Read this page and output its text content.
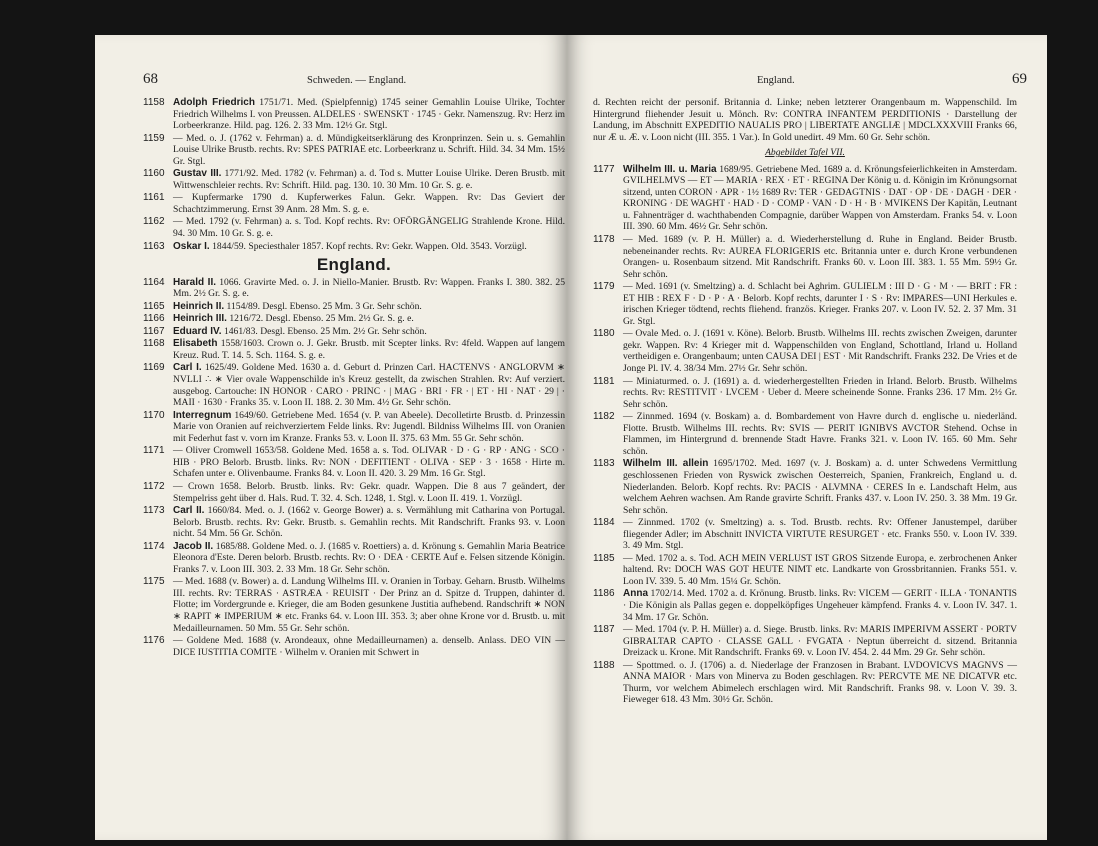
68	Schweden. — England.
1158 Adolph Friedrich 1751/71. Med. (Spielpfennig) 1745 seiner Gemahlin Louise Ulrike, Tochter Friedrich Wilhelms I. von Preussen. ALDELES · SWENSKT · 1745 · Gekr. Namenszug. Rv: Herz im Lorbeerkranze. Hild. pag. 126. 2. 33 Mm. 12½ Gr. Stgl.
1159 — Med. o. J. (1762 v. Fehrman) a. d. Mündigkeitserklärung des Kronprinzen. Sein u. s. Gemahlin Louise Ulrike Brustb. rechts. Rv: SPES PATRIAE etc. Lorbeerkranz u. Schrift. Hild. 34. 34 Mm. 15½ Gr. Stgl.
1160 Gustav III. 1771/92. Med. 1782 (v. Fehrman) a. d. Tod s. Mutter Louise Ulrike. Deren Brustb. mit Wittwenschleier rechts. Rv: Schrift. Hild. pag. 130. 10. 30 Mm. 10 Gr. S. g. e.
1161 — Kupfermarke 1790 d. Kupferwerkes Falun. Gekr. Wappen. Rv: Das Geviert der Schachtzimmerung. Ernst 39 Anm. 28 Mm. S. g. e.
1162 — Med. 1792 (v. Fehrman) a. s. Tod. Kopf rechts. Rv: OFÖRGÄNGELIG Strahlende Krone. Hild. 94. 30 Mm. 10 Gr. S. g. e.
1163 Oskar I. 1844/59. Speciesthaler 1857. Kopf rechts. Rv: Gekr. Wappen. Old. 3543. Vorzügl.
England.
1164 Harald II. 1066. Gravirte Med. o. J. in Niello-Manier. Brustb. Rv: Wappen. Franks I. 380. 382. 25 Mm. 2½ Gr. S. g. e.
1165 Heinrich II. 1154/89. Desgl. Ebenso. 25 Mm. 3 Gr. Sehr schön.
1166 Heinrich III. 1216/72. Desgl. Ebenso. 25 Mm. 2½ Gr. S. g. e.
1167 Eduard IV. 1461/83. Desgl. Ebenso. 25 Mm. 2½ Gr. Sehr schön.
1168 Elisabeth 1558/1603. Crown o. J. Gekr. Brustb. mit Scepter links. Rv: 4feld. Wappen auf langem Kreuz. Rud. T. 14. 5. Sch. 1164. S. g. e.
1169 Carl I. 1625/49. Goldene Med. 1630 a. d. Geburt d. Prinzen Carl. HACTENVS · ANGLORVM ∗ NVLLI ∴ ∗ Vier ovale Wappenschilde in's Kreuz gestellt, da zwischen Strahlen. Rv: Auf verziert. ausgebog. Cartouche: IN HONOR · CARO · PRINC · | MAG · BRI · FR · | ET · HI · NAT · 29 | · MAII · 1630 · Franks 35. v. Loon II. 188. 2. 30 Mm. 4½ Gr. Sehr schön.
1170 Interregnum 1649/60. Getriebene Med. 1654 (v. P. van Abeele). Decolletirte Brustb. d. Prinzessin Marie von Oranien auf reichverziertem Felde links. Rv: Jugendl. Bildniss Wilhelms III. von Oranien mit Federhut fast v. vorn im Kranze. Franks 53. v. Loon II. 375. 63 Mm. 55 Gr. Sehr schön.
1171 — Oliver Cromwell 1653/58. Goldene Med. 1658 a. s. Tod. OLIVAR · D · G · RP · ANG · SCO · HIB · PRO Belorb. Brustb. links. Rv: NON · DEFITIENT · OLIVA · SEP · 3 · 1658 · Hirte m. Schafen unter e. Olivenbaume. Franks 84. v. Loon II. 420. 3. 29 Mm. 16 Gr. Stgl.
1172 — Crown 1658. Belorb. Brustb. links. Rv: Gekr. quadr. Wappen. Die 8 aus 7 geändert, der Stempelriss geht über d. Hals. Rud. T. 32. 4. Sch. 1248, 1. Stgl. v. Loon II. 419. 1. Vorzügl.
1173 Carl II. 1660/84. Med. o. J. (1662 v. George Bower) a. s. Vermählung mit Catharina von Portugal. Belorb. Brustb. rechts. Rv: Gekr. Brustb. s. Gemahlin rechts. Mit Randschrift. Franks 93. v. Loon nicht. 54 Mm. 56 Gr. Schön.
1174 Jacob II. 1685/88. Goldene Med. o. J. (1685 v. Roettiers) a. d. Krönung s. Gemahlin Maria Beatrice Eleonora d'Este. Deren belorb. Brustb. rechts. Rv: O · DEA · CERTE Auf e. Felsen sitzende Königin. Franks 7. v. Loon III. 303. 2. 33 Mm. 18 Gr. Sehr schön.
1175 — Med. 1688 (v. Bower) a. d. Landung Wilhelms III. v. Oranien in Torbay. Geharn. Brustb. Wilhelms III. rechts. Rv: TERRAS · ASTRÆA · REUISIT · Der Prinz an d. Spitze d. Truppen, dahinter d. Flotte; im Vordergrunde e. Krieger, die am Boden gesunkene Justitia aufhebend. Randschrift ∗ NON ∗ RAPIT ∗ IMPERIUM ∗ etc. Franks 64. v. Loon III. 353. 3; aber ohne Krone vor d. Brustb. u. mit Medailleurnamen. 50 Mm. 55 Gr. Sehr schön.
1176 — Goldene Med. 1688 (v. Arondeaux, ohne Medailleurnamen) a. denselb. Anlass. DEO VIN — DICE IUSTITIA COMITE · Wilhelm v. Oranien mit Schwert in
England.	69
d. Rechten reicht der personif. Britannia d. Linke; neben letzterer Orangenbaum m. Wappenschild. Im Hintergrund fliehender Jesuit u. Mönch. Rv: CONTRA INFANTEM PERDITIONIS · Darstellung der Landung, im Abschnitt EXPEDITIO NAUALIS PRO | LIBERTATE ANGLIÆ | MDCLXXXVIII Franks 66, nur Æ u. Æ. v. Loon nicht (III. 355. 1 Var.). In Gold unedirt. 49 Mm. 60 Gr. Sehr schön.
Abgebildet Tafel VII.
1177 Wilhelm III. u. Maria 1689/95. Getriebene Med. 1689 a. d. Krönungsfeierlichkeiten in Amsterdam. GVILHELMVS — ET — MARIA · REX · ET · REGINA Der König u. d. Königin im Krönungsornat sitzend, unten CORON · APR · 1½ 1689 Rv: TER · GEDAGTNIS · DAT · OP · DE · DAGH · DER · KRONING · DE WAGHT · HAD · D · COMP · VAN · D · H · B · MVIKENS Der Kapitän, Leutnant u. Fahnenträger d. wachthabenden Compagnie, darüber Wappen von Amsterdam. Franks 54. v. Loon III. 390. 60 Mm. 46½ Gr. Sehr schön.
1178 — Med. 1689 (v. P. H. Müller) a. d. Wiederherstellung d. Ruhe in England. Beider Brustb. nebeneinander rechts. Rv: AUREA FLORIGERIS etc. Britannia unter e. durch Krone verbundenen Orangen- u. Rosenbaum sitzend. Mit Randschrift. Franks 60. v. Loon III. 383. 1. 55 Mm. 59½ Gr. Sehr schön.
1179 — Med. 1691 (v. Smeltzing) a. d. Schlacht bei Aghrim. GULIELM : III D · G · M · — BRIT : FR : ET HIB : REX F · D · P · A · Belorb. Kopf rechts, darunter I · S · Rv: IMPARES—UNI Herkules e. irischen Krieger tödtend, rechts fliehend. französ. Krieger. Franks 207. v. Loon IV. 52. 2. 37 Mm. 31 Gr. Stgl.
1180 — Ovale Med. o. J. (1691 v. Köne). Belorb. Brustb. Wilhelms III. rechts zwischen Zweigen, darunter gekr. Wappen. Rv: 4 Krieger mit d. Wappenschilden von England, Schottland, Irland u. Holland vertheidigen e. Orangenbaum; unten CAUSA DEI | EST · Mit Randschrift. Franks 232. De Vries et de Jonge Pl. IV. 4. 38/34 Mm. 27½ Gr. Sehr schön.
1181 — Miniaturmed. o. J. (1691) a. d. wiederhergestellten Frieden in Irland. Belorb. Brustb. Wilhelms rechts. Rv: RESTITVIT · LVCEM · Ueber d. Meere scheinende Sonne. Franks 236. 17 Mm. 2½ Gr. Sehr schön.
1182 — Zinnmed. 1694 (v. Boskam) a. d. Bombardement von Havre durch d. englische u. niederländ. Flotte. Brustb. Wilhelms III. rechts. Rv: SVIS — PERIT IGNIBVS AVCTOR Stehend. Ochse in Flammen, im Hintergrund d. brennende Stadt Havre. Franks 321. v. Loon IV. 165. 60 Mm. Sehr schön.
1183 Wilhelm III. allein 1695/1702. Med. 1697 (v. J. Boskam) a. d. unter Schwedens Vermittlung geschlossenen Frieden von Ryswick zwischen Oesterreich, Spanien, Frankreich, England u. d. Niederlanden. Belorb. Kopf rechts. Rv: PACIS · ALVMNA · CERES In e. Landschaft Helm, aus welchem Aehren wachsen. Am Rande gravirte Schrift. Franks 437. v. Loon IV. 250. 3. 38 Mm. 19 Gr. Sehr schön.
1184 — Zinnmed. 1702 (v. Smeltzing) a. s. Tod. Brustb. rechts. Rv: Offener Janustempel, darüber fliegender Adler; im Abschnitt INVICTA VIRTUTE RESURGET · etc. Franks 550. v. Loon IV. 339. 3. 49 Mm. Stgl.
1185 — Med. 1702 a. s. Tod. ACH MEIN VERLUST IST GROS Sitzende Europa, e. zerbrochenen Anker haltend. Rv: DOCH WAS GOT HEUTE NIMT etc. Landkarte von Grossbritannien. Franks 551. v. Loon IV. 339. 5. 40 Mm. 15¼ Gr. Schön.
1186 Anna 1702/14. Med. 1702 a. d. Krönung. Brustb. links. Rv: VICEM — GERIT · ILLA · TONANTIS · Die Königin als Pallas gegen e. doppelköpfiges Ungeheuer kämpfend. Franks 4. v. Loon IV. 347. 1. 34 Mm. 17 Gr. Schön.
1187 — Med. 1704 (v. P. H. Müller) a. d. Siege. Brustb. links. Rv: MARIS IMPERIVM ASSERT · PORTV GIBRALTAR CAPTO · CLASSE GALL · FVGATA · Neptun überreicht d. sitzend. Britannia Dreizack u. Krone. Mit Randschrift. Franks 69. v. Loon IV. 454. 2. 44 Mm. 29 Gr. Sehr schön.
1188 — Spottmed. o. J. (1706) a. d. Niederlage der Franzosen in Brabant. LVDOVICVS MAGNVS — ANNA MAIOR · Mars von Minerva zu Boden geschlagen. Rv: PERCVTE ME NE DICATVR etc. Thurm, vor welchem Abimelech erschlagen wird. Mit Randschrift. Franks 98. v. Loon V. 39. 3. Fieweger 618. 43 Mm. 30½ Gr. Schön.
